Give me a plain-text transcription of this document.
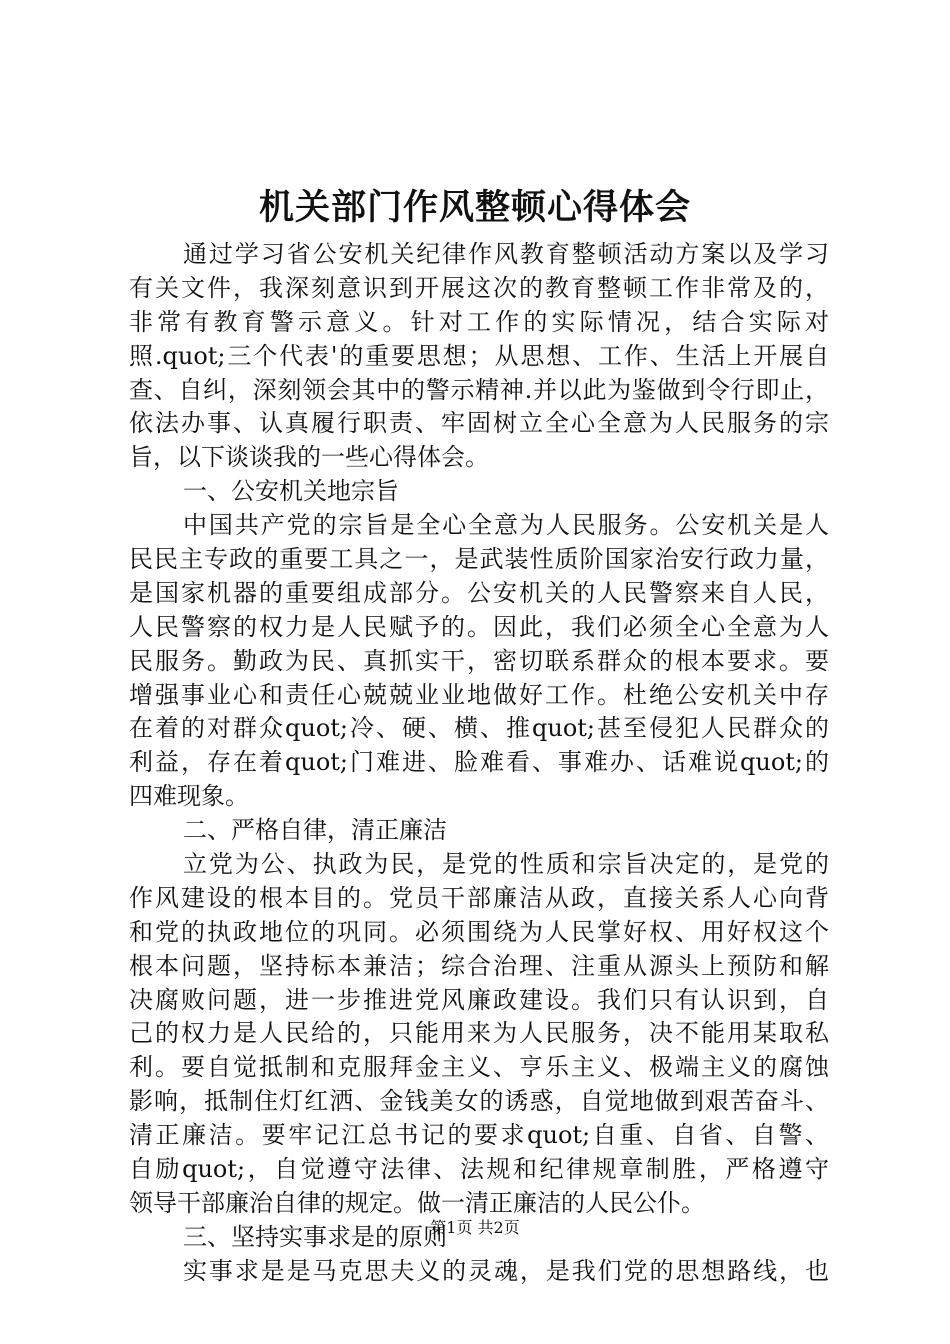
机关部门作风整顿心得体会
通过学习省公安机关纪律作风教育整顿活动方案以及学习
有关文件，我深刻意识到开展这次的教育整顿工作非常及的，
非常有教育警示意义。针对工作的实际情况，结合实际对
照.quot;三个代表'的重要思想；从思想、工作、生活上开展自
查、自纠，深刻领会其中的警示精神.并以此为鉴做到令行即止，
依法办事、认真履行职责、牢固树立全心全意为人民服务的宗
旨，以下谈谈我的一些心得体会。
一、公安机关地宗旨
中国共产党的宗旨是全心全意为人民服务。公安机关是人
民民主专政的重要工具之一，是武装性质阶国家治安行政力量，
是国家机器的重要组成部分。公安机关的人民警察来自人民，
人民警察的权力是人民赋予的。因此，我们必须全心全意为人
民服务。勤政为民、真抓实干，密切联系群众的根本要求。要
增强事业心和责任心兢兢业业地做好工作。杜绝公安机关中存
在着的对群众quot;冷、硬、横、推quot;甚至侵犯人民群众的
利益，存在着quot;门难进、脸难看、事难办、话难说quot;的
四难现象。
二、严格自律，清正廉洁
立党为公、执政为民，是党的性质和宗旨决定的，是党的
作风建设的根本目的。党员干部廉洁从政，直接关系人心向背
和党的执政地位的巩同。必须围绕为人民掌好权、用好权这个
根本问题，坚持标本兼洁；综合治理、注重从源头上预防和解
决腐败问题，进一步推进党风廉政建设。我们只有认识到，自
己的权力是人民给的，只能用来为人民服务，决不能用某取私
利。要自觉抵制和克服拜金主义、亨乐主义、极端主义的腐蚀
影响，抵制住灯红洒、金钱美女的诱惑，自觉地做到艰苦奋斗、
清正廉洁。要牢记江总书记的要求quot;自重、自省、自警、
自励quot;，自觉遵守法律、法规和纪律规章制胜，严格遵守
领导干部廉治自律的规定。做一清正廉洁的人民公仆。
三、坚持实事求是的原则
实事求是是马克思夫义的灵魂，是我们党的思想路线，也
第1页 共2页
